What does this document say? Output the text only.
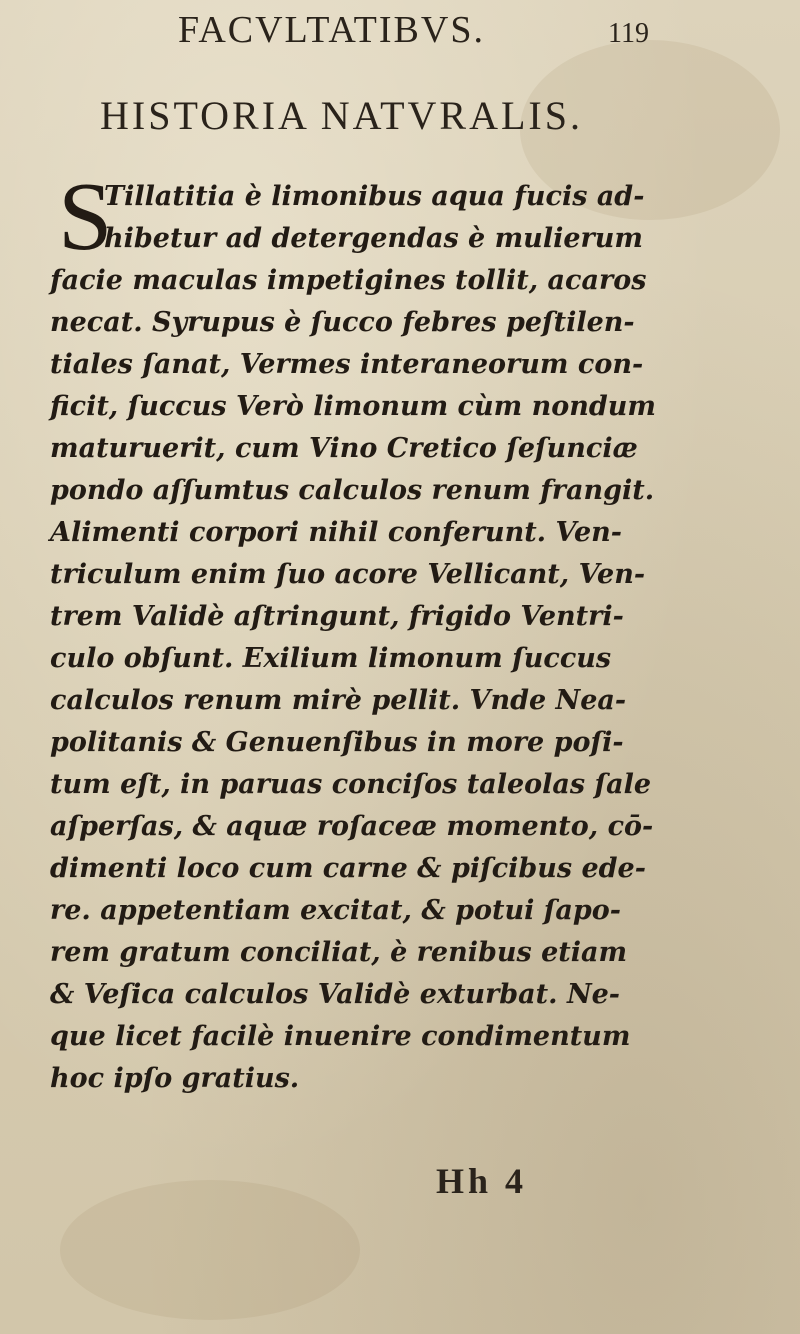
FACVLTATIBVS.	119
HISTORIA NATVRALIS.
S
Tillatitia è limonibus aqua fucis ad-
hibetur ad detergendas è mulierum
facie maculas impetigines tollit, acaros
necat. Syrupus è ſucco febres peſtilen-
tiales ſanat, Vermes interaneorum con-
ficit, ſuccus Verò limonum cùm nondum
maturuerit, cum Vino Cretico ſeſunciæ
pondo aſſumtus calculos renum frangit.
Alimenti corpori nihil conferunt. Ven-
triculum enim ſuo acore Vellicant, Ven-
trem Validè aſtringunt, frigido Ventri-
culo obſunt. Exilium limonum ſuccus
calculos renum mirè pellit. Vnde Nea-
politanis & Genuenſibus in more poſi-
tum eſt, in paruas conciſos taleolas ſale
aſperſas, & aquæ roſaceæ momento, cō-
dimenti loco cum carne & piſcibus ede-
re. appetentiam excitat, & potui ſapo-
rem gratum conciliat, è renibus etiam
& Veſica calculos Validè exturbat. Ne-
que licet facilè inuenire condimentum
hoc ipſo gratius.
Hh 4
